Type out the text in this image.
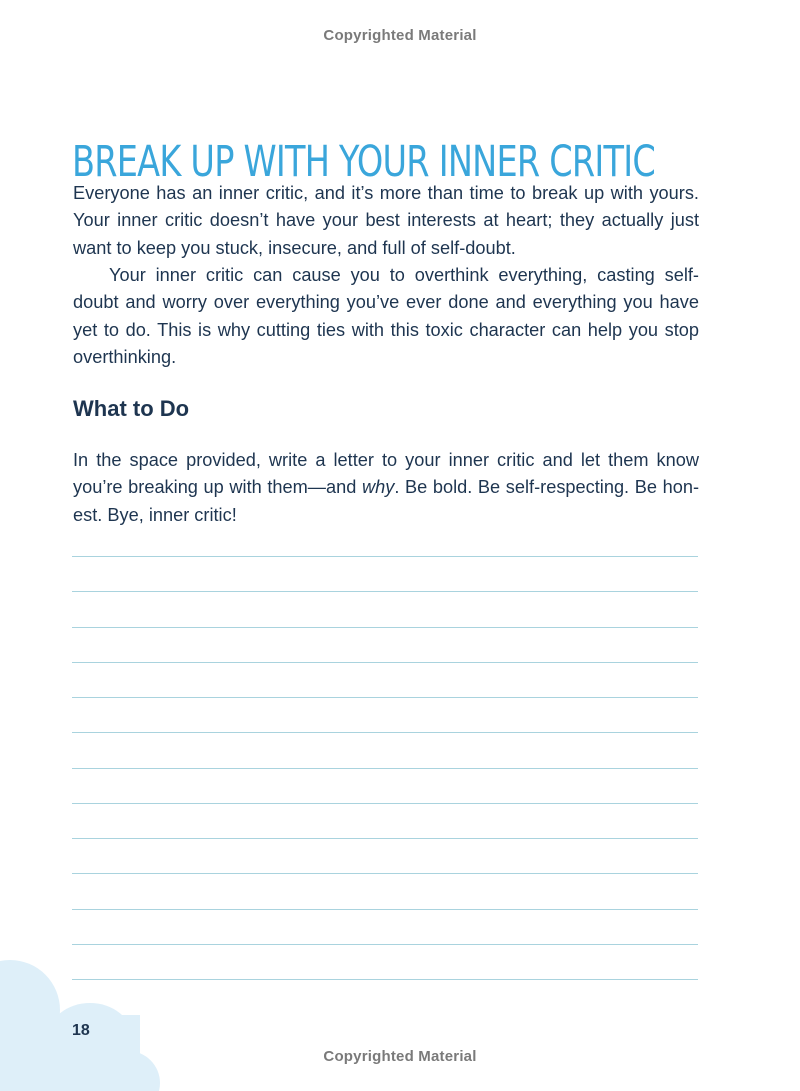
Copyrighted Material
BREAK UP WITH YOUR INNER CRITIC
Everyone has an inner critic, and it’s more than time to break up with yours.
Your inner critic doesn’t have your best interests at heart; they actually just
want to keep you stuck, insecure, and full of self-doubt.
Your inner critic can cause you to overthink everything, casting self-
doubt and worry over everything you’ve ever done and everything you have
yet to do. This is why cutting ties with this toxic character can help you stop
overthinking.
What to Do
In the space provided, write a letter to your inner critic and let them know
you’re breaking up with them—and why. Be bold. Be self-respecting. Be hon-
est. Bye, inner critic!
18
Copyrighted Material
